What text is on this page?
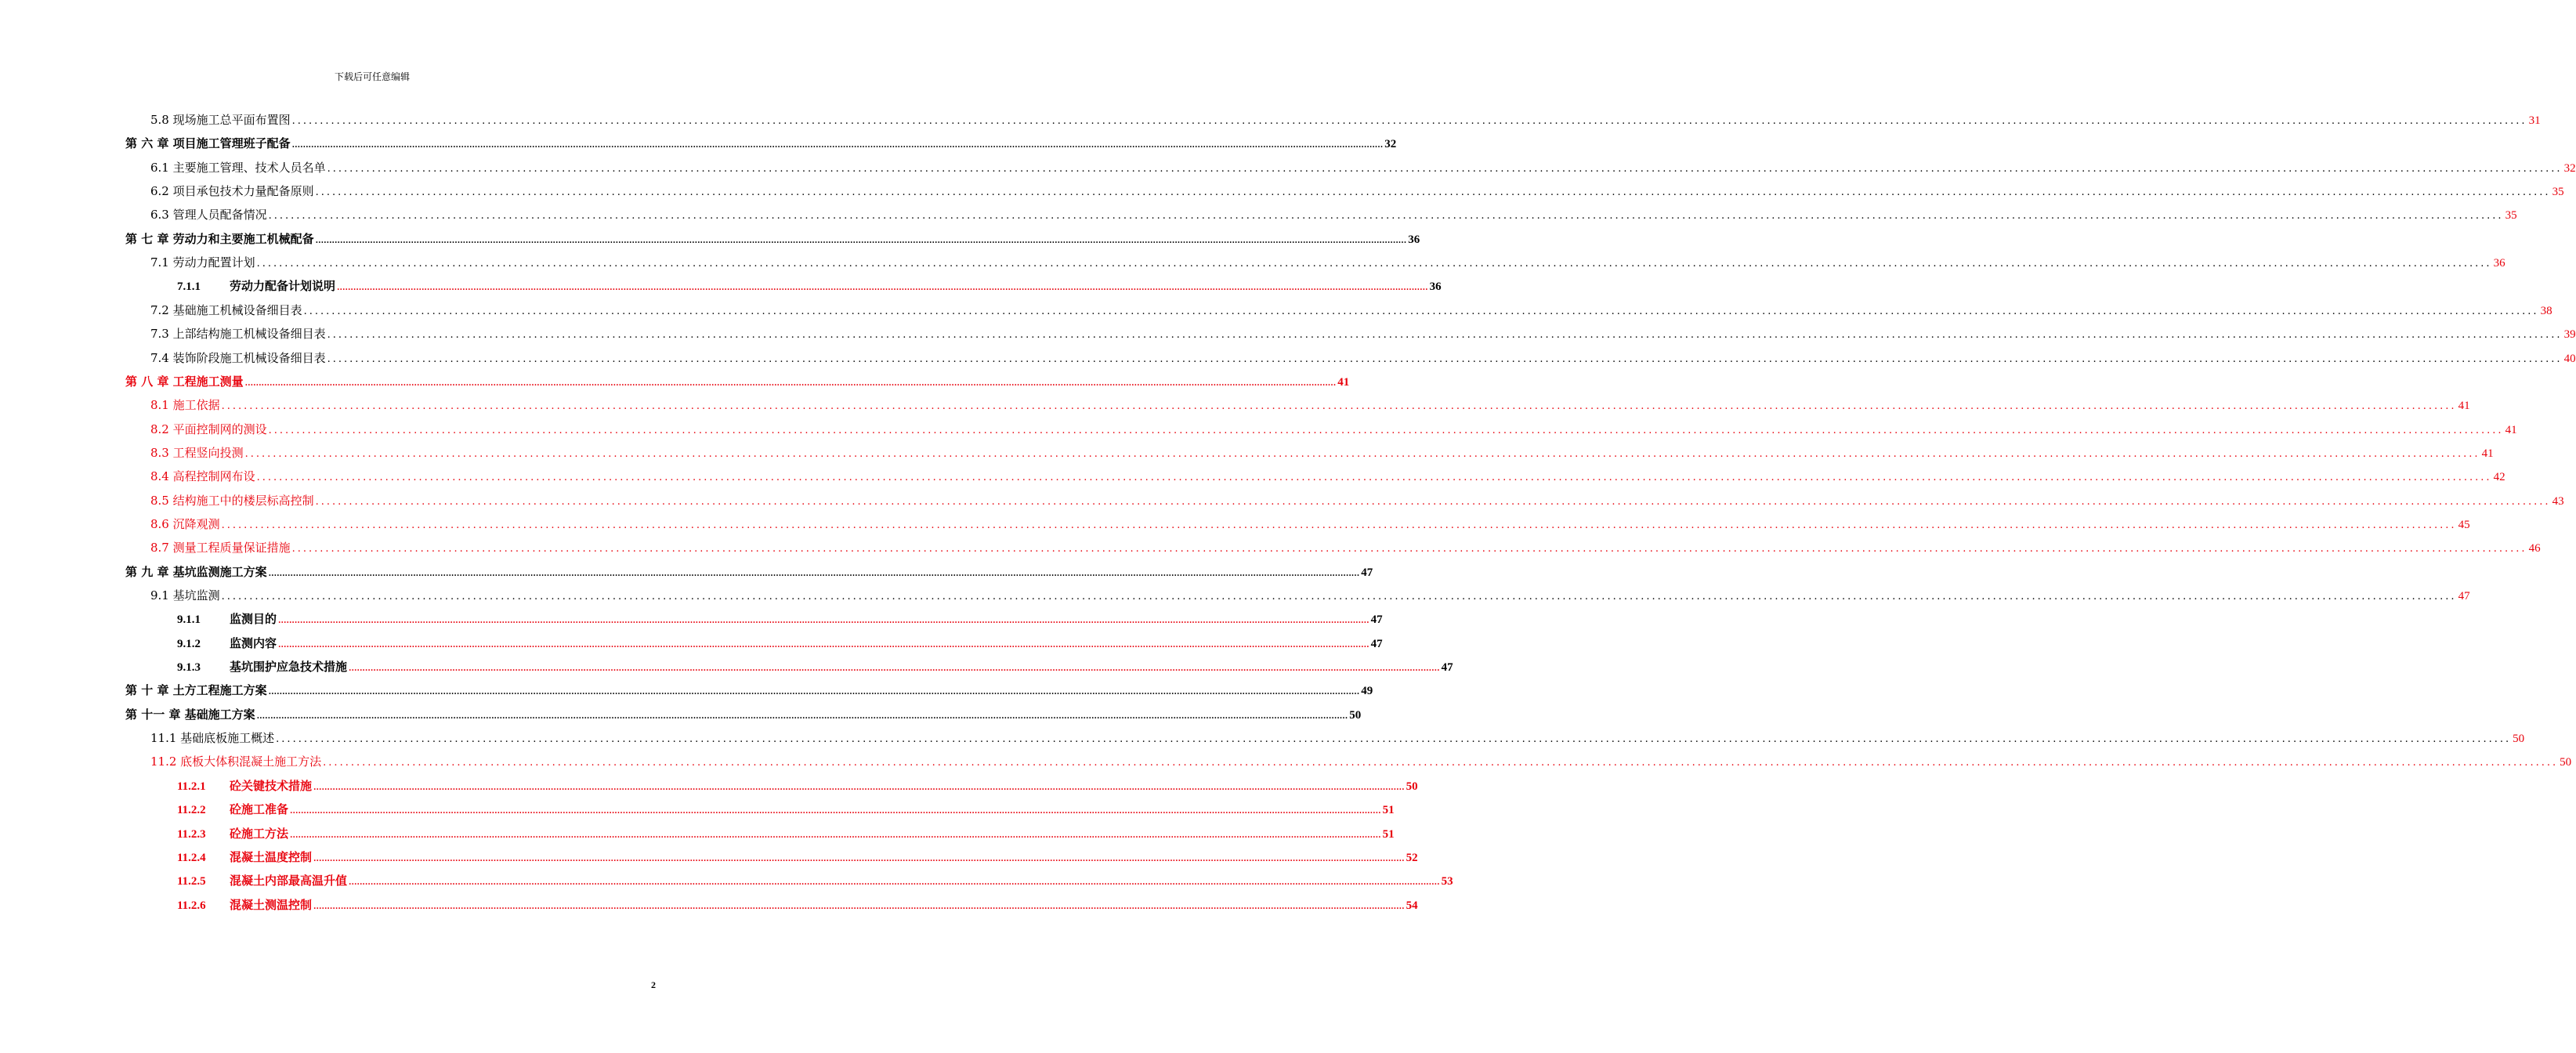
下载后可任意编辑
5.8 现场施工总平面布置图 ................................................................................................................................................................................................................................................................................................................................................................................................................ 31
第 六 章 项目施工管理班子配备 ................................................................................................................................................................................................................................................................................................................................................................................................................ 32
6.1 主要施工管理、技术人员名单 ................................................................................................................................................................................................................................................................................................................................................................................................................ 32
6.2 项目承包技术力量配备原则 ................................................................................................................................................................................................................................................................................................................................................................................................................ 35
6.3 管理人员配备情况 ................................................................................................................................................................................................................................................................................................................................................................................................................ 35
第 七 章 劳动力和主要施工机械配备 ................................................................................................................................................................................................................................................................................................................................................................................................................ 36
7.1 劳动力配置计划 ................................................................................................................................................................................................................................................................................................................................................................................................................ 36
7.1.1 劳动力配备计划说明 ................................................................................................................................................................................................................................................................................................................................................................................................................ 36
7.2 基础施工机械设备细目表 ................................................................................................................................................................................................................................................................................................................................................................................................................ 38
7.3 上部结构施工机械设备细目表 ................................................................................................................................................................................................................................................................................................................................................................................................................ 39
7.4 装饰阶段施工机械设备细目表 ................................................................................................................................................................................................................................................................................................................................................................................................................ 40
第 八 章 工程施工测量 ................................................................................................................................................................................................................................................................................................................................................................................................................ 41
8.1 施工依据 ................................................................................................................................................................................................................................................................................................................................................................................................................ 41
8.2 平面控制网的测设 ................................................................................................................................................................................................................................................................................................................................................................................................................ 41
8.3 工程竖向投测 ................................................................................................................................................................................................................................................................................................................................................................................................................ 41
8.4 高程控制网布设 ................................................................................................................................................................................................................................................................................................................................................................................................................ 42
8.5 结构施工中的楼层标高控制 ................................................................................................................................................................................................................................................................................................................................................................................................................ 43
8.6 沉降观测 ................................................................................................................................................................................................................................................................................................................................................................................................................ 45
8.7 测量工程质量保证措施 ................................................................................................................................................................................................................................................................................................................................................................................................................ 46
第 九 章 基坑监测施工方案 ................................................................................................................................................................................................................................................................................................................................................................................................................ 47
9.1 基坑监测 ................................................................................................................................................................................................................................................................................................................................................................................................................ 47
9.1.1 监测目的 ................................................................................................................................................................................................................................................................................................................................................................................................................ 47
9.1.2 监测内容 ................................................................................................................................................................................................................................................................................................................................................................................................................ 47
9.1.3 基坑围护应急技术措施 ................................................................................................................................................................................................................................................................................................................................................................................................................ 47
第 十 章 土方工程施工方案 ................................................................................................................................................................................................................................................................................................................................................................................................................ 49
第 十一 章 基础施工方案 ................................................................................................................................................................................................................................................................................................................................................................................................................ 50
11.1 基础底板施工概述 ................................................................................................................................................................................................................................................................................................................................................................................................................ 50
11.2 底板大体积混凝土施工方法 ................................................................................................................................................................................................................................................................................................................................................................................................................ 50
11.2.1 砼关键技术措施 ................................................................................................................................................................................................................................................................................................................................................................................................................ 50
11.2.2 砼施工准备 ................................................................................................................................................................................................................................................................................................................................................................................................................ 51
11.2.3 砼施工方法 ................................................................................................................................................................................................................................................................................................................................................................................................................ 51
11.2.4 混凝土温度控制 ................................................................................................................................................................................................................................................................................................................................................................................................................ 52
11.2.5 混凝土内部最高温升值 ................................................................................................................................................................................................................................................................................................................................................................................................................ 53
11.2.6 混凝土测温控制 ................................................................................................................................................................................................................................................................................................................................................................................................................ 54
2
